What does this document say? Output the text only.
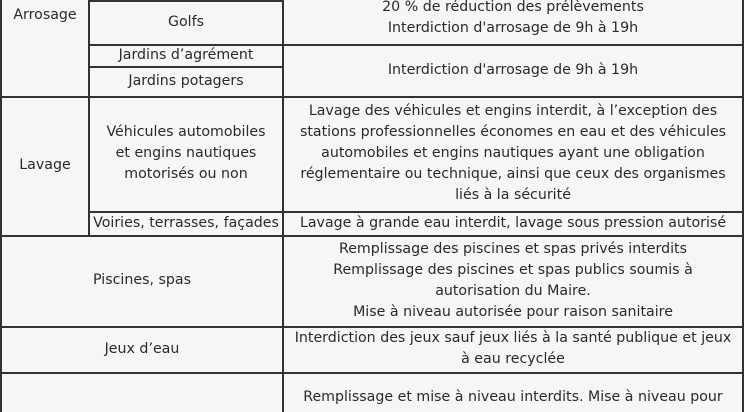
Arrosage
Lavage
Golfs
20 % de réduction des prélèvements
Interdiction d'arrosage de 9h à 19h
Jardins d’agrément
Jardins potagers
Interdiction d'arrosage de 9h à 19h
Véhicules automobiles
et engins nautiques
motorisés ou non
Lavage des véhicules et engins interdit, à l’exception des
stations professionnelles économes en eau et des véhicules
automobiles et engins nautiques ayant une obligation
réglementaire ou technique, ainsi que ceux des organismes
liés à la sécurité
Voiries, terrasses, façades Lavage à grande eau interdit, lavage sous pression autorisé
Piscines, spas
Remplissage des piscines et spas privés interdits
Remplissage des piscines et spas publics soumis à
autorisation du Maire.
Mise à niveau autorisée pour raison sanitaire
Jeux d’eau
Interdiction des jeux sauf jeux liés à la santé publique et jeux
à eau recyclée
Remplissage et mise à niveau interdits. Mise à niveau pour
